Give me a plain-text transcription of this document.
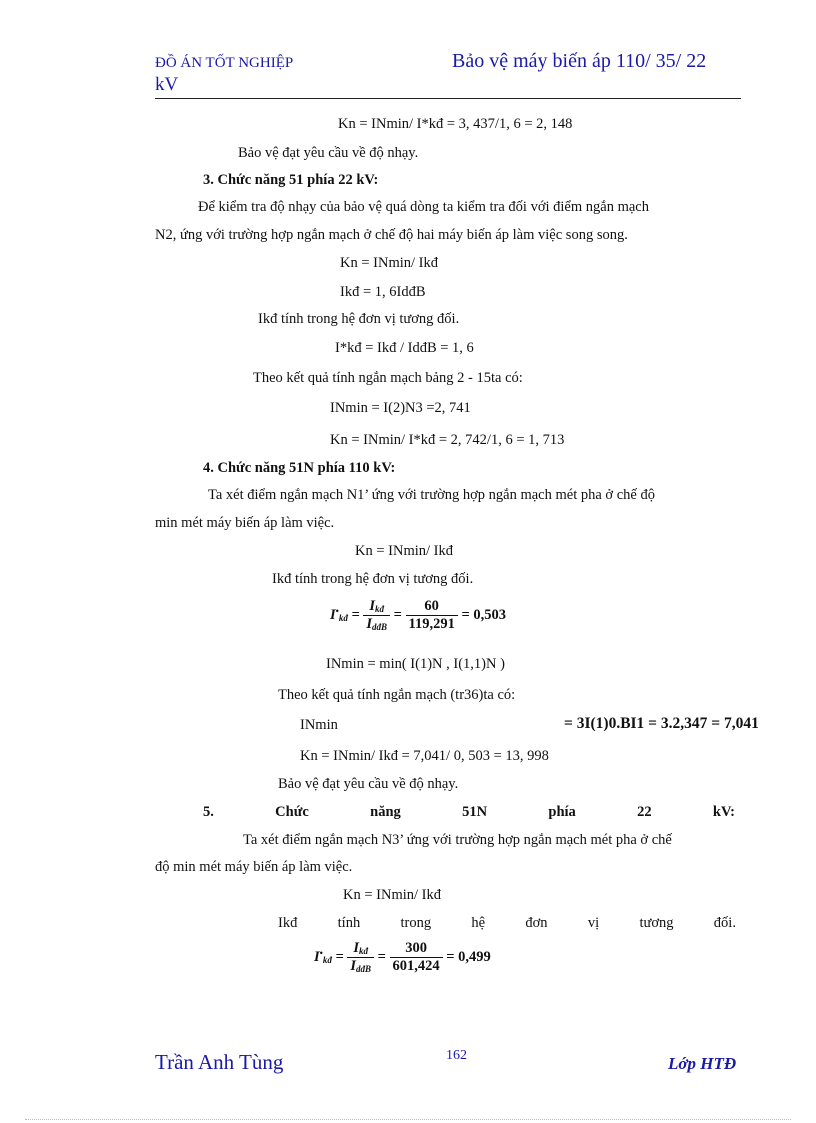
ĐỒ ÁN TỐT NGHIỆP
kV
Bảo vệ máy biến áp 110/ 35/ 22
Kn = INmin/ I*kđ = 3, 437/1, 6 = 2, 148
Bảo vệ đạt yêu cầu về độ nhạy.
3. Chức năng 51 phía 22 kV:
Để kiểm tra độ nhạy của bảo vệ quá dòng ta kiểm tra đối với điểm ngắn mạch
N2, ứng với trường hợp ngắn mạch ở chế độ hai máy biến áp làm việc song song.
Kn = INmin/ Ikđ
Ikđ = 1, 6IdđB
Ikđ tính trong hệ đơn vị tương đối.
I*kđ = Ikđ / IdđB = 1, 6
Theo kết quả tính ngắn mạch bảng 2 - 15ta có:
INmin = I(2)N3 =2, 741
Kn = INmin/ I*kđ = 2, 742/1, 6 = 1, 713
4. Chức năng 51N phía 110 kV:
Ta xét điểm ngắn mạch N1’ ứng với trường hợp ngắn mạch mét pha ở chế độ
min mét máy biến áp làm việc.
Kn = INmin/ Ikđ
Ikđ tính trong hệ đơn vị tương đối.
$I^•_{kđ} = \frac{I_{kđ}}{I_{dđB}} = \frac{60}{119,291} = 0,503$
INmin = min( I(1)N , I(1,1)N )
Theo kết quả tính ngắn mạch (tr36)ta có:
INmin	= 3I(1)0.BI1 = 3.2,347 = 7,041
Kn = INmin/ Ikđ = 7,041/ 0, 503 = 13, 998
Bảo vệ đạt yêu cầu về độ nhạy.
5.	Chức	năng	51N	phía	22	kV:
Ta xét điểm ngắn mạch N3’ ứng với trường hợp ngắn mạch mét pha ở chế
độ min mét máy biến áp làm việc.
Kn = INmin/ Ikđ
Ikđ	tính	trong	hệ	đơn	vị	tương	đối.
$I^•_{kđ} = \frac{I_{kđ}}{I_{dđB}} = \frac{300}{601,424} = 0,499$
Trần Anh Tùng	162	Lớp HTĐ
